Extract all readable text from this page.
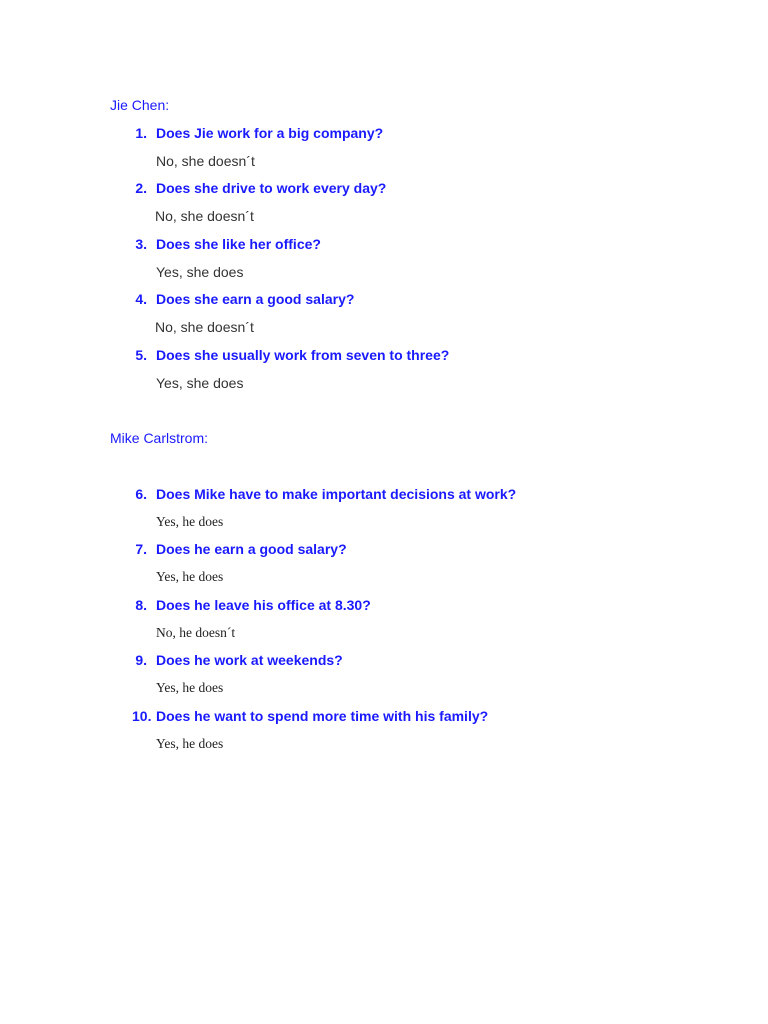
Jie Chen:
1. Does Jie work for a big company?
No, she doesn´t
2. Does she drive to work every day?
No, she doesn´t
3. Does she like her office?
Yes, she does
4. Does she earn a good salary?
No, she doesn´t
5. Does she usually work from seven to three?
Yes, she does
Mike Carlstrom:
6. Does Mike have to make important decisions at work?
Yes, he does
7. Does he earn a good salary?
Yes, he does
8. Does he leave his office at 8.30?
No, he doesn´t
9. Does he work at weekends?
Yes, he does
10. Does he want to spend more time with his family?
Yes, he does
